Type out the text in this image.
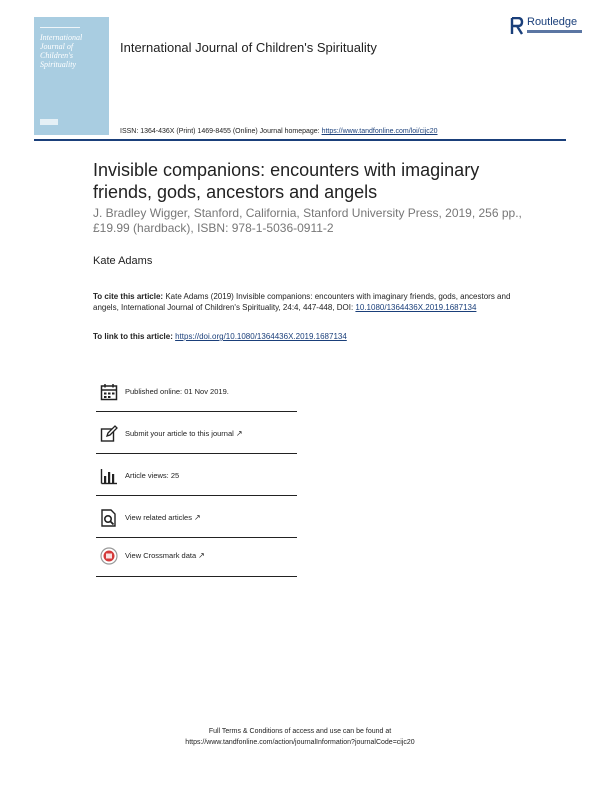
International Journal of Children's Spirituality
International Journal of Children's Spirituality
Routledge
ISSN: 1364-436X (Print) 1469-8455 (Online) Journal homepage: https://www.tandfonline.com/loi/cijc20
Invisible companions: encounters with imaginary friends, gods, ancestors and angels
J. Bradley Wigger, Stanford, California, Stanford University Press, 2019, 256 pp., £19.99 (hardback), ISBN: 978-1-5036-0911-2
Kate Adams
To cite this article: Kate Adams (2019) Invisible companions: encounters with imaginary friends, gods, ancestors and angels, International Journal of Children's Spirituality, 24:4, 447-448, DOI: 10.1080/1364436X.2019.1687134
To link to this article: https://doi.org/10.1080/1364436X.2019.1687134
Published online: 01 Nov 2019.
Submit your article to this journal ↗
Article views: 25
View related articles ↗
View Crossmark data ↗
Full Terms & Conditions of access and use can be found at
https://www.tandfonline.com/action/journalInformation?journalCode=cijc20
